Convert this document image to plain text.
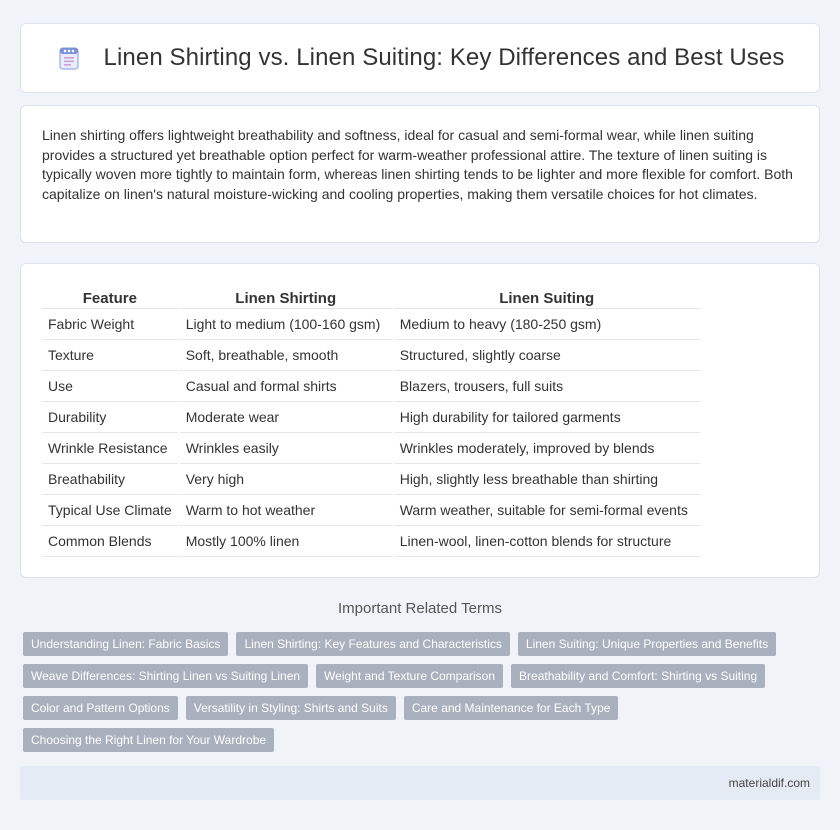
Linen Shirting vs. Linen Suiting: Key Differences and Best Uses

Linen shirting offers lightweight breathability and softness, ideal for casual and semi-formal wear, while linen suiting provides a structured yet breathable option perfect for warm-weather professional attire. The texture of linen suiting is typically woven more tightly to maintain form, whereas linen shirting tends to be lighter and more flexible for comfort. Both capitalize on linen's natural moisture-wicking and cooling properties, making them versatile choices for hot climates.

Feature	Linen Shirting	Linen Suiting
Fabric Weight	Light to medium (100-160 gsm)	Medium to heavy (180-250 gsm)
Texture	Soft, breathable, smooth	Structured, slightly coarse
Use	Casual and formal shirts	Blazers, trousers, full suits
Durability	Moderate wear	High durability for tailored garments
Wrinkle Resistance	Wrinkles easily	Wrinkles moderately, improved by blends
Breathability	Very high	High, slightly less breathable than shirting
Typical Use Climate	Warm to hot weather	Warm weather, suitable for semi-formal events
Common Blends	Mostly 100% linen	Linen-wool, linen-cotton blends for structure
Important Related Terms
Understanding Linen: Fabric Basics	Linen Shirting: Key Features and Characteristics	Linen Suiting: Unique Properties and Benefits
Weave Differences: Shirting Linen vs Suiting Linen	Weight and Texture Comparison	Breathability and Comfort: Shirting vs Suiting
Color and Pattern Options	Versatility in Styling: Shirts and Suits	Care and Maintenance for Each Type
Choosing the Right Linen for Your Wardrobe
materialdif.com
